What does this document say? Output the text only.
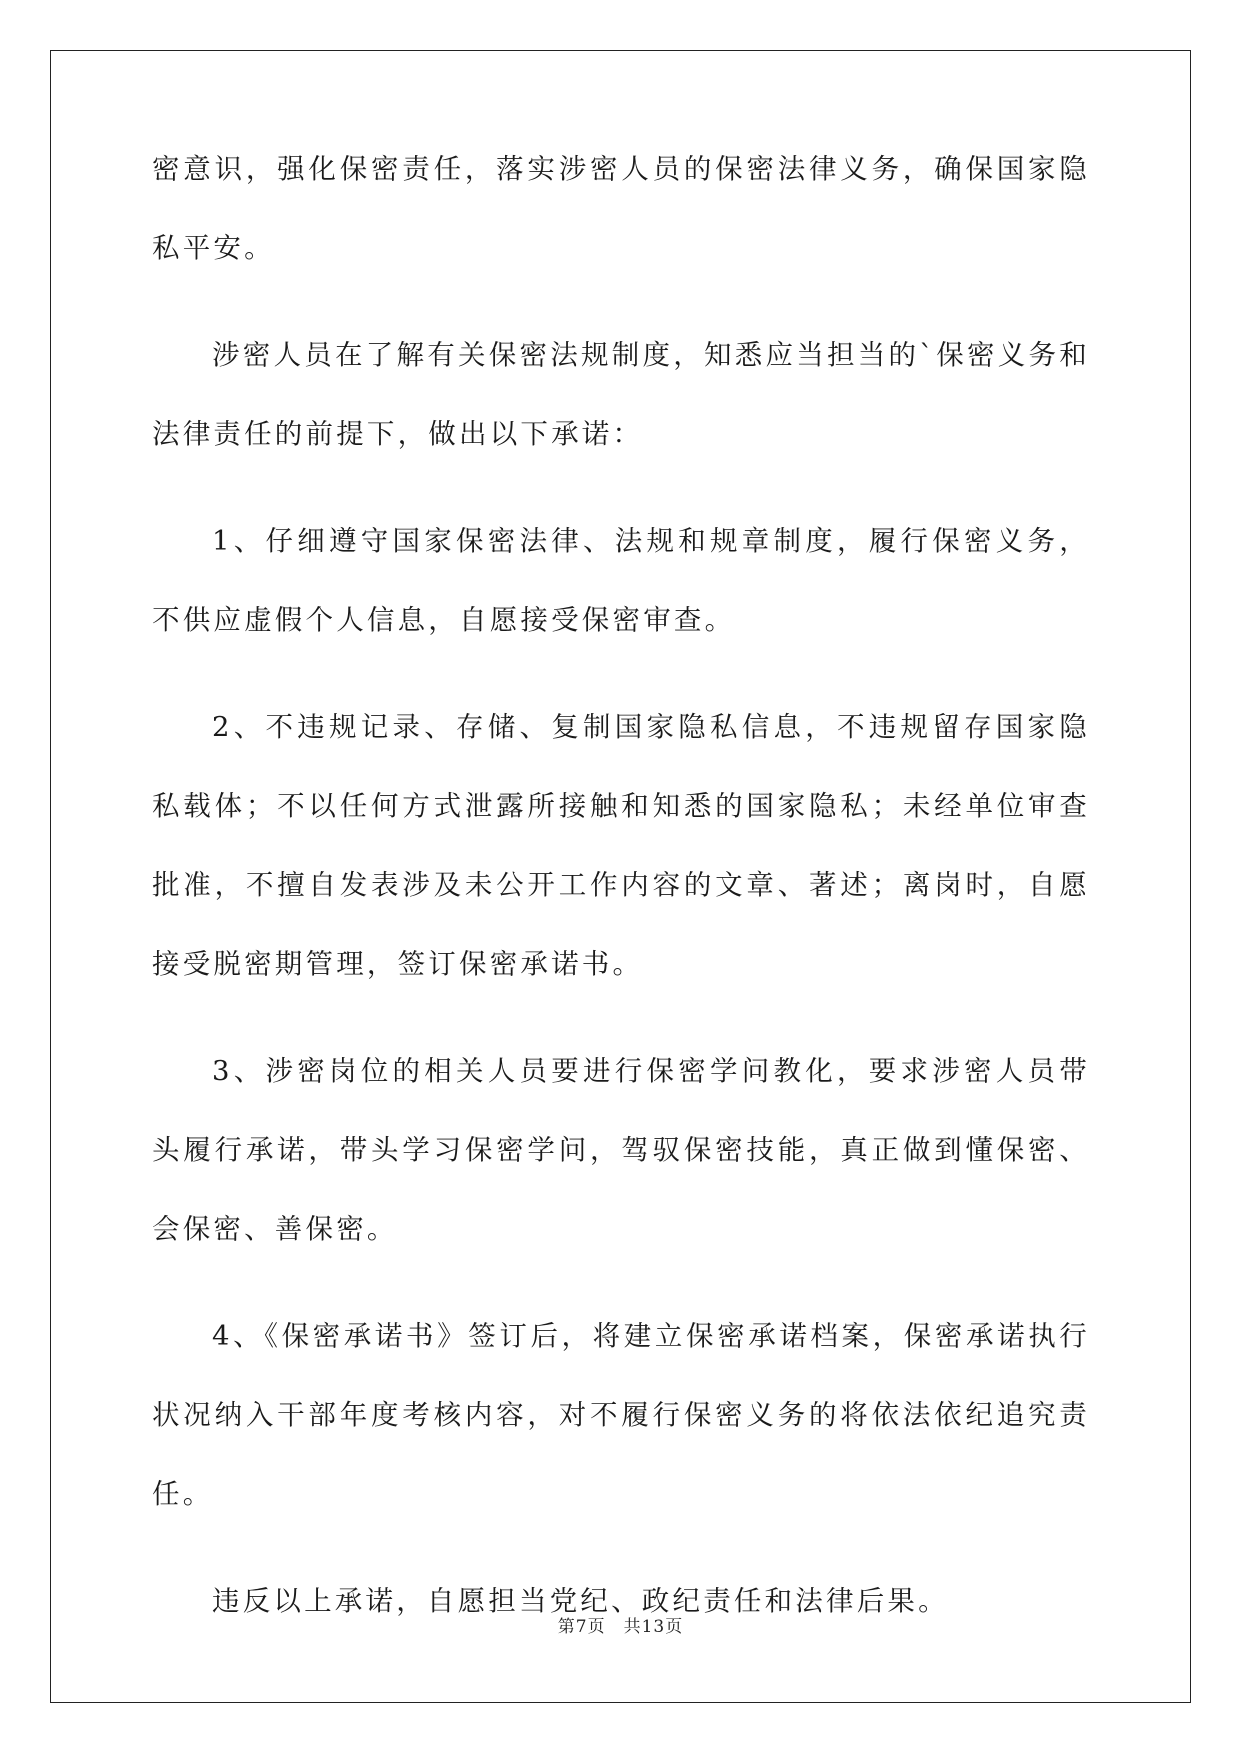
密意识，强化保密责任，落实涉密人员的保密法律义务，确保国家隐私平安。

涉密人员在了解有关保密法规制度，知悉应当担当的`保密义务和法律责任的前提下，做出以下承诺：

1、仔细遵守国家保密法律、法规和规章制度，履行保密义务，不供应虚假个人信息，自愿接受保密审查。

2、不违规记录、存储、复制国家隐私信息，不违规留存国家隐私载体；不以任何方式泄露所接触和知悉的国家隐私；未经单位审查批准，不擅自发表涉及未公开工作内容的文章、著述；离岗时，自愿接受脱密期管理，签订保密承诺书。

3、涉密岗位的相关人员要进行保密学问教化，要求涉密人员带头履行承诺，带头学习保密学问，驾驭保密技能，真正做到懂保密、会保密、善保密。

4、《保密承诺书》签订后，将建立保密承诺档案，保密承诺执行状况纳入干部年度考核内容，对不履行保密义务的将依法依纪追究责任。

违反以上承诺，自愿担当党纪、政纪责任和法律后果。

第7页 共13页
